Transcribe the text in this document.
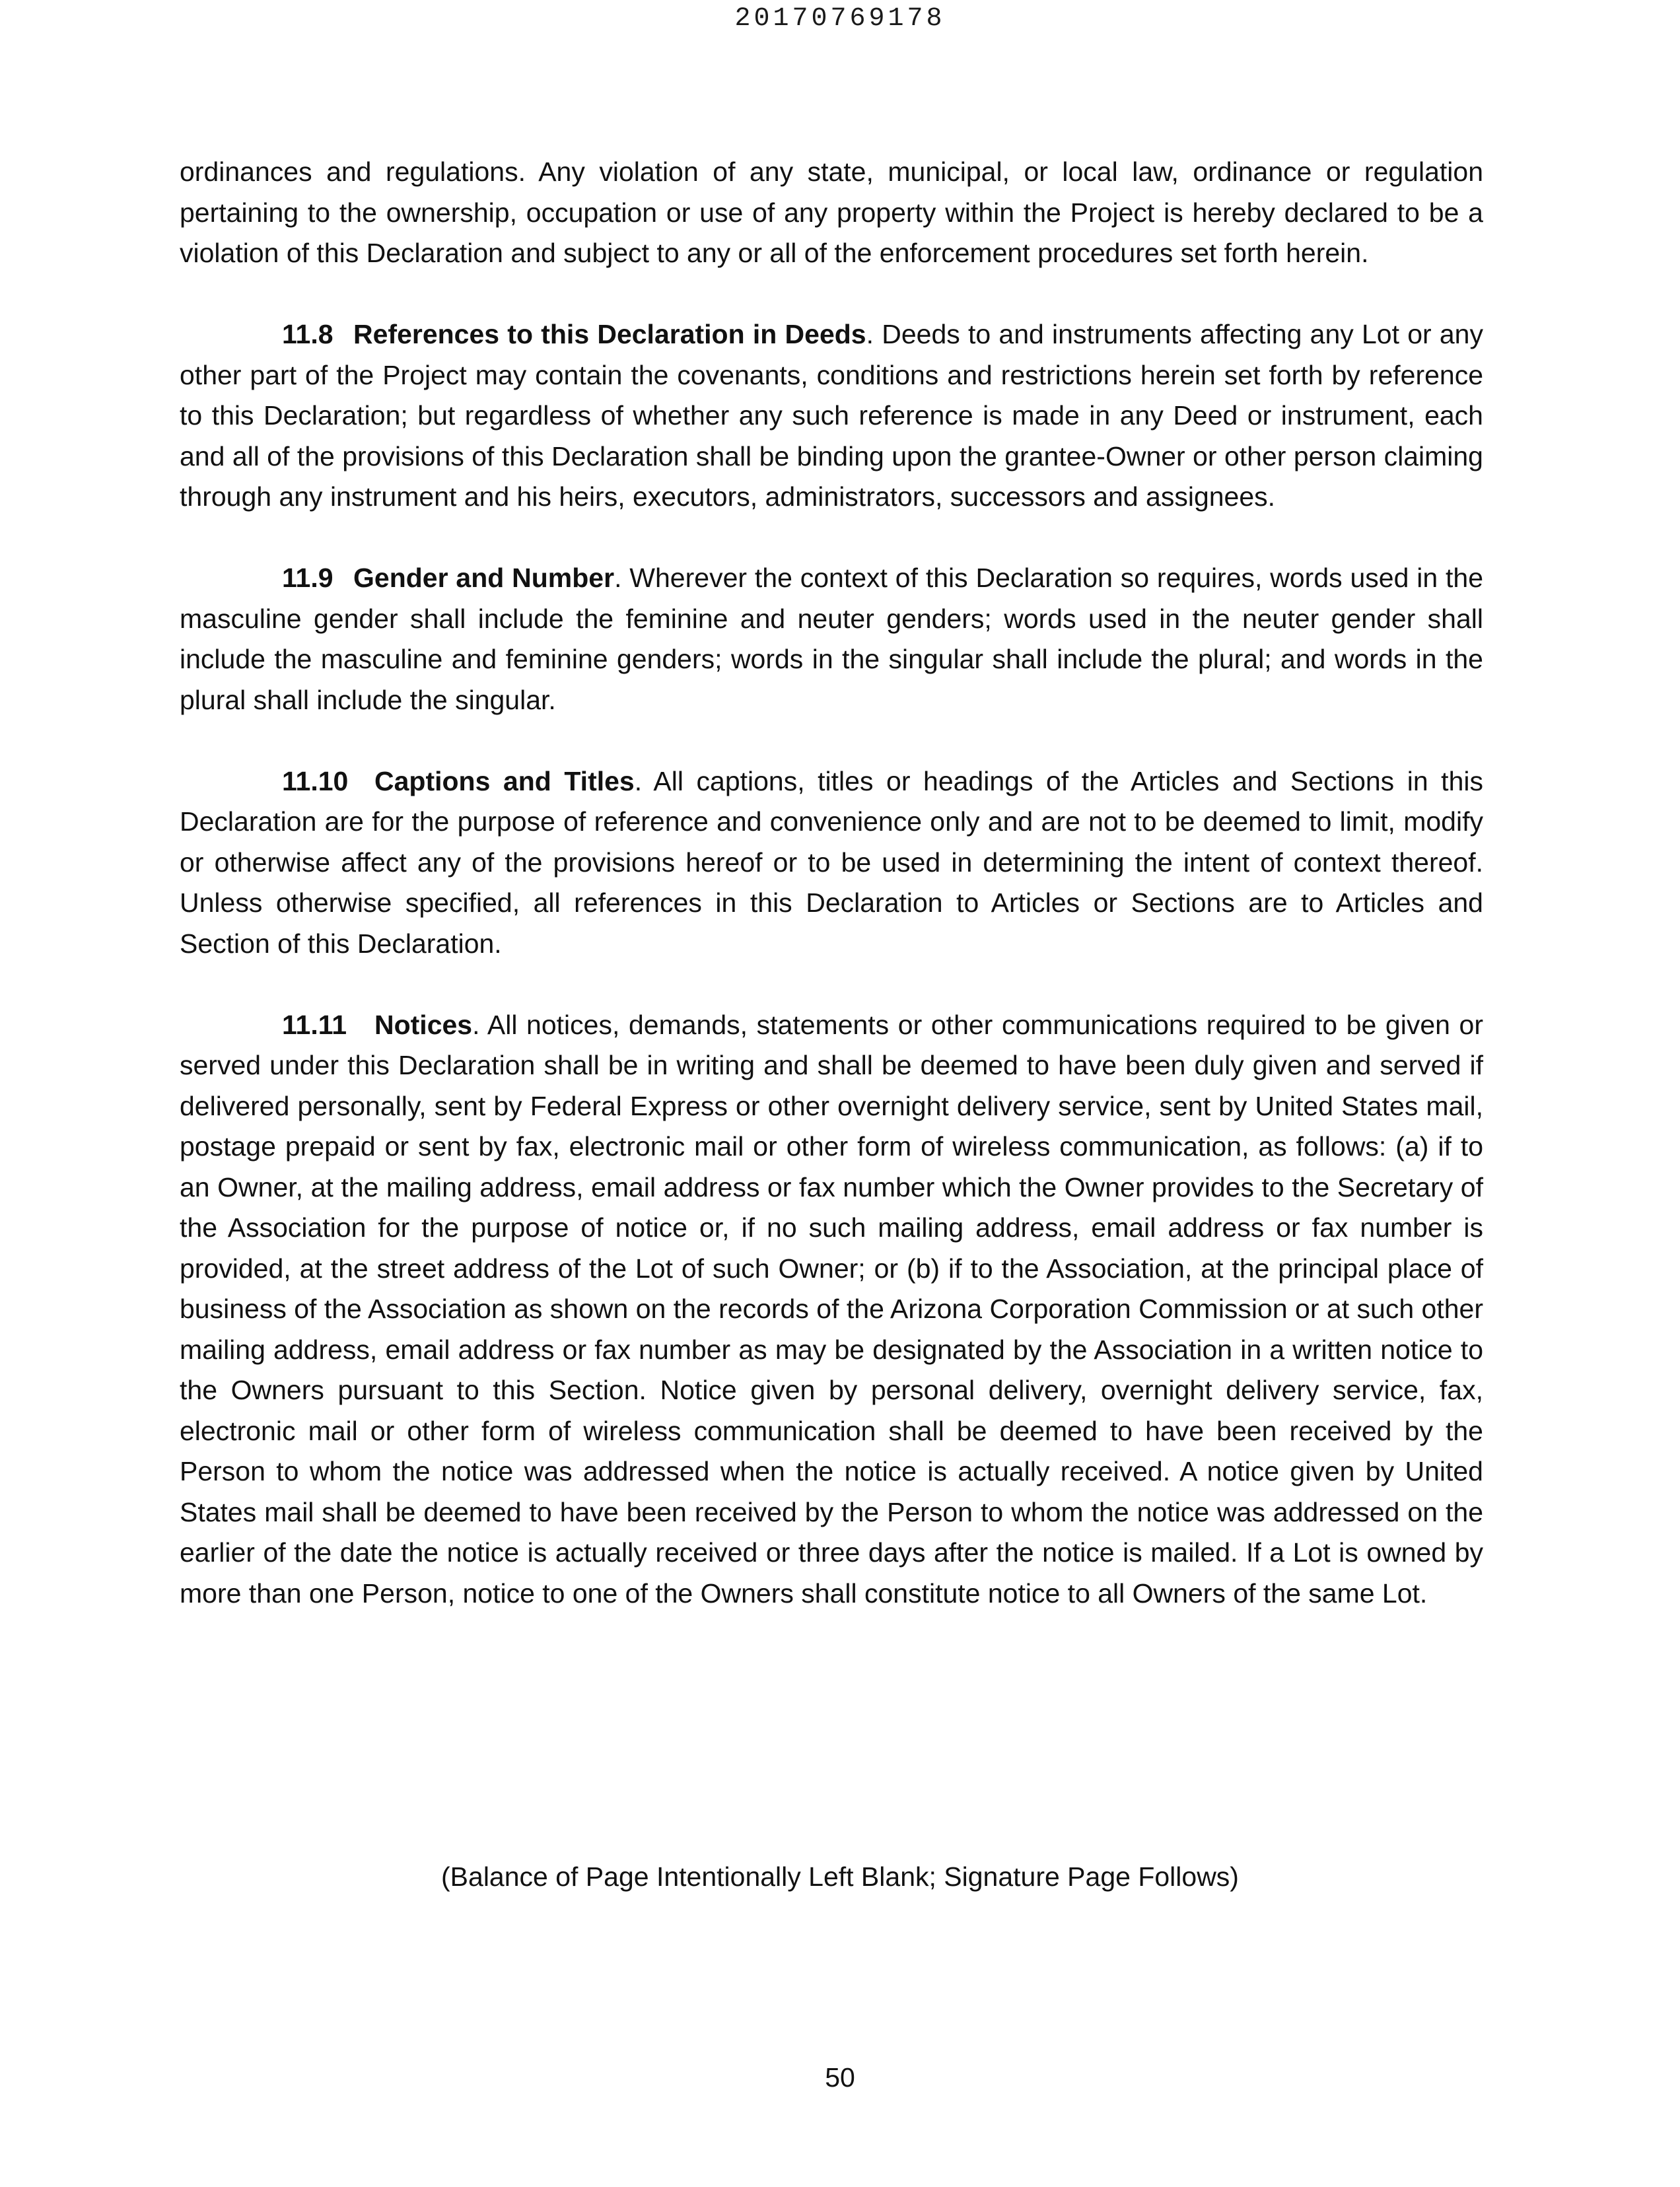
20170769178

ordinances and regulations. Any violation of any state, municipal, or local law, ordinance or regulation pertaining to the ownership, occupation or use of any property within the Project is hereby declared to be a violation of this Declaration and subject to any or all of the enforcement procedures set forth herein.

11.8 References to this Declaration in Deeds. Deeds to and instruments affecting any Lot or any other part of the Project may contain the covenants, conditions and restrictions herein set forth by reference to this Declaration; but regardless of whether any such reference is made in any Deed or instrument, each and all of the provisions of this Declaration shall be binding upon the grantee-Owner or other person claiming through any instrument and his heirs, executors, administrators, successors and assignees.

11.9 Gender and Number. Wherever the context of this Declaration so requires, words used in the masculine gender shall include the feminine and neuter genders; words used in the neuter gender shall include the masculine and feminine genders; words in the singular shall include the plural; and words in the plural shall include the singular.

11.10 Captions and Titles. All captions, titles or headings of the Articles and Sections in this Declaration are for the purpose of reference and convenience only and are not to be deemed to limit, modify or otherwise affect any of the provisions hereof or to be used in determining the intent of context thereof. Unless otherwise specified, all references in this Declaration to Articles or Sections are to Articles and Section of this Declaration.

11.11 Notices. All notices, demands, statements or other communications required to be given or served under this Declaration shall be in writing and shall be deemed to have been duly given and served if delivered personally, sent by Federal Express or other overnight delivery service, sent by United States mail, postage prepaid or sent by fax, electronic mail or other form of wireless communication, as follows: (a) if to an Owner, at the mailing address, email address or fax number which the Owner provides to the Secretary of the Association for the purpose of notice or, if no such mailing address, email address or fax number is provided, at the street address of the Lot of such Owner; or (b) if to the Association, at the principal place of business of the Association as shown on the records of the Arizona Corporation Commission or at such other mailing address, email address or fax number as may be designated by the Association in a written notice to the Owners pursuant to this Section. Notice given by personal delivery, overnight delivery service, fax, electronic mail or other form of wireless communication shall be deemed to have been received by the Person to whom the notice was addressed when the notice is actually received. A notice given by United States mail shall be deemed to have been received by the Person to whom the notice was addressed on the earlier of the date the notice is actually received or three days after the notice is mailed. If a Lot is owned by more than one Person, notice to one of the Owners shall constitute notice to all Owners of the same Lot.

(Balance of Page Intentionally Left Blank; Signature Page Follows)
50
